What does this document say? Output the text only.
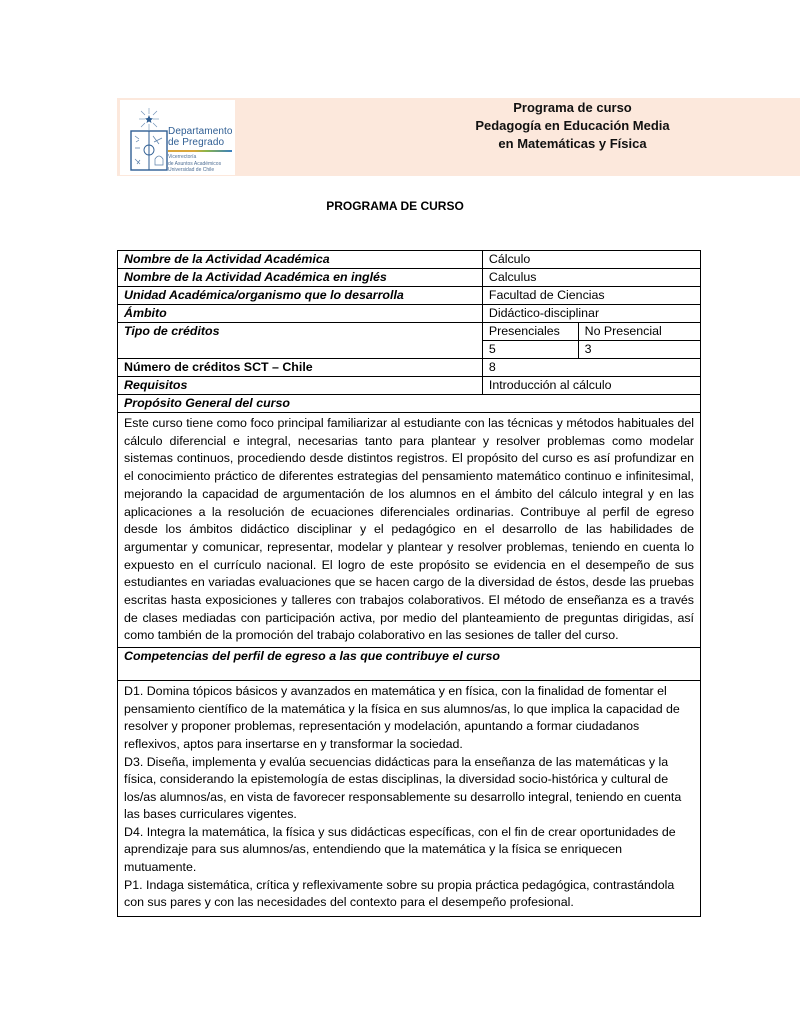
Departamento
de Pregrado
Vicerrectoría
de Asuntos Académicos
Universidad de Chile
Programa de curso
Pedagogía en Educación Media
en Matemáticas y Física
PROGRAMA DE CURSO
Nombre de la Actividad Académica	Cálculo	
Nombre de la Actividad Académica en inglés	Calculus	
Unidad Académica/organismo que lo desarrolla	Facultad de Ciencias	
Ámbito	Didáctico-disciplinar	
Tipo de créditos	Presenciales	No Presencial
	5	3
Número de créditos SCT – Chile	8	
Requisitos	Introducción al cálculo	
Propósito General del curso		
Este curso tiene como foco principal familiarizar al estudiante con las técnicas y métodos habituales del cálculo diferencial e integral, necesarias tanto para plantear y resolver problemas como modelar sistemas continuos, procediendo desde distintos registros. El propósito del curso es así profundizar en el conocimiento práctico de diferentes estrategias del pensamiento matemático continuo e infinitesimal, mejorando la capacidad de argumentación de los alumnos en el ámbito del cálculo integral y en las aplicaciones a la resolución de ecuaciones diferenciales ordinarias. Contribuye al perfil de egreso desde los ámbitos didáctico disciplinar y el pedagógico en el desarrollo de las habilidades de argumentar y comunicar, representar, modelar y plantear y resolver problemas, teniendo en cuenta lo expuesto en el currículo nacional. El logro de este propósito se evidencia en el desempeño de sus estudiantes en variadas evaluaciones que se hacen cargo de la diversidad de éstos, desde las pruebas escritas hasta exposiciones y talleres con trabajos colaborativos. El método de enseñanza es a través de clases mediadas con participación activa, por medio del planteamiento de preguntas dirigidas, así como también de la promoción del trabajo colaborativo en las sesiones de taller del curso.		
Competencias del perfil de egreso a las que contribuye el curso		

D1. Domina tópicos básicos y avanzados en matemática y en física, con la finalidad de fomentar el pensamiento científico de la matemática y la física en sus alumnos/as, lo que implica la capacidad de resolver y proponer problemas, representación y modelación, apuntando a formar ciudadanos reflexivos, aptos para insertarse en y transformar la sociedad.
D3. Diseña, implementa y evalúa secuencias didácticas para la enseñanza de las matemáticas y la física, considerando la epistemología de estas disciplinas, la diversidad socio-histórica y cultural de los/as alumnos/as, en vista de favorecer responsablemente su desarrollo integral, teniendo en cuenta las bases curriculares vigentes.
D4. Integra la matemática, la física y sus didácticas específicas, con el fin de crear oportunidades de aprendizaje para sus alumnos/as, entendiendo que la matemática y la física se enriquecen mutuamente.
P1. Indaga sistemática, crítica y reflexivamente sobre su propia práctica pedagógica, contrastándola con sus pares y con las necesidades del contexto para el desempeño profesional.		
